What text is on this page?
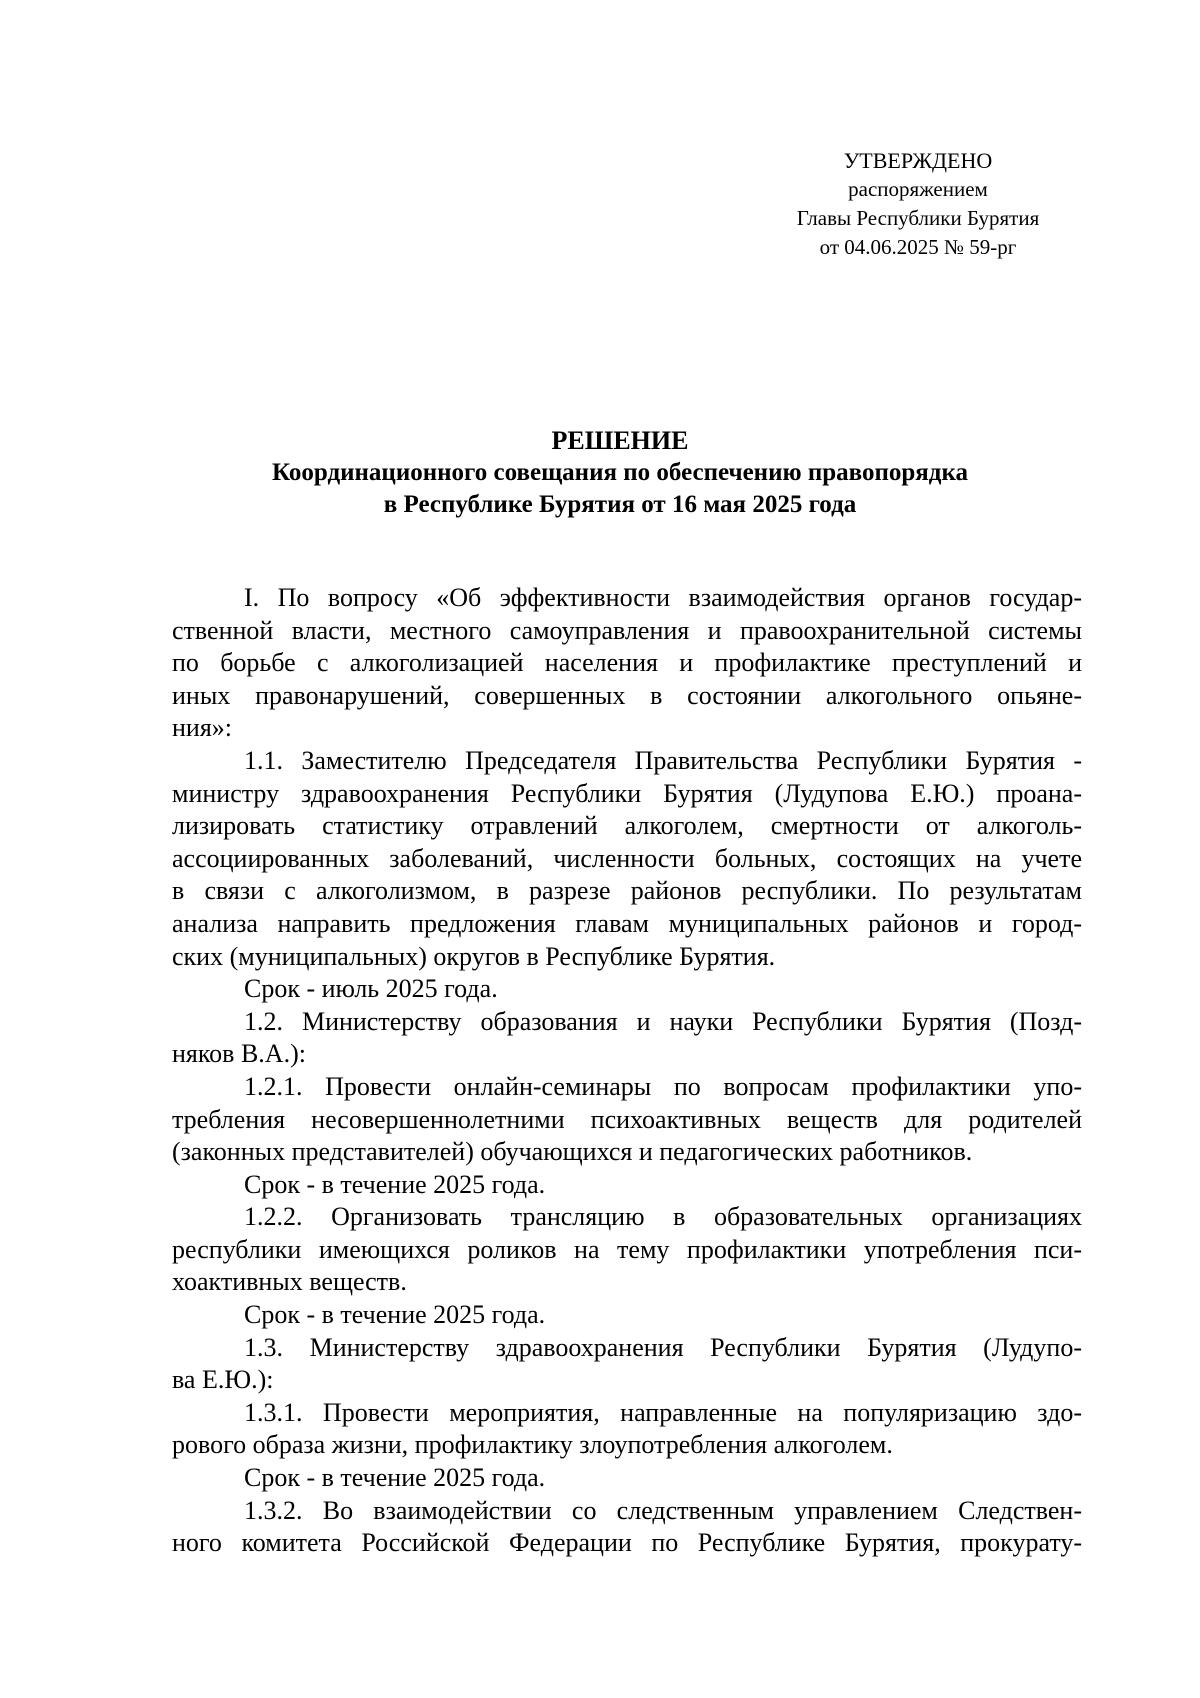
УТВЕРЖДЕНО
распоряжением
Главы Республики Бурятия
от 04.06.2025 № 59-рг
РЕШЕНИЕ
Координационного совещания по обеспечению правопорядка
в Республике Бурятия от 16 мая 2025 года
I. По вопросу «Об эффективности взаимодействия органов государ-
ственной власти, местного самоуправления и правоохранительной системы
по борьбе с алкоголизацией населения и профилактике преступлений и
иных правонарушений, совершенных в состоянии алкогольного опьяне-
ния»:
1.1. Заместителю Председателя Правительства Республики Бурятия -
министру здравоохранения Республики Бурятия (Лудупова Е.Ю.) проана-
лизировать статистику отравлений алкоголем, смертности от алкоголь-
ассоциированных заболеваний, численности больных, состоящих на учете
в связи с алкоголизмом, в разрезе районов республики. По результатам
анализа направить предложения главам муниципальных районов и город-
ских (муниципальных) округов в Республике Бурятия.
Срок - июль 2025 года.
1.2. Министерству образования и науки Республики Бурятия (Позд-
няков В.А.):
1.2.1. Провести онлайн-семинары по вопросам профилактики упо-
требления несовершеннолетними психоактивных веществ для родителей
(законных представителей) обучающихся и педагогических работников.
Срок - в течение 2025 года.
1.2.2. Организовать трансляцию в образовательных организациях
республики имеющихся роликов на тему профилактики употребления пси-
хоактивных веществ.
Срок - в течение 2025 года.
1.3. Министерству здравоохранения Республики Бурятия (Лудупо-
ва Е.Ю.):
1.3.1. Провести мероприятия, направленные на популяризацию здо-
рового образа жизни, профилактику злоупотребления алкоголем.
Срок - в течение 2025 года.
1.3.2. Во взаимодействии со следственным управлением Следствен-
ного комитета Российской Федерации по Республике Бурятия, прокурату-
